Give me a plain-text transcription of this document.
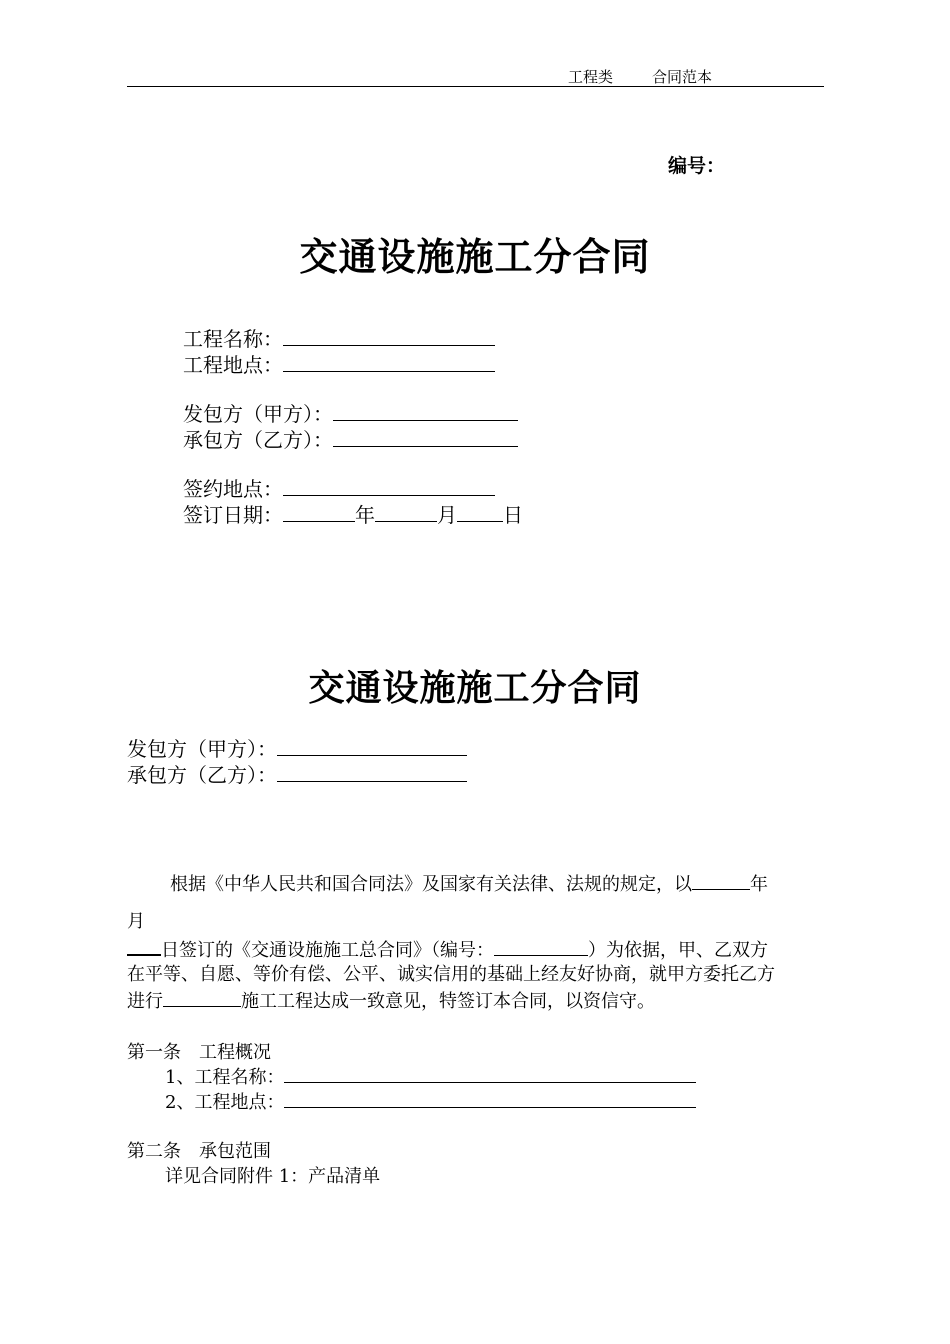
工程类	合同范本
编号：
交通设施施工分合同
工程名称：
工程地点：
发包方（甲方）：
承包方（乙方）：
签约地点：
签订日期：	年	月 日
交通设施施工分合同
发包方（甲方）：
承包方（乙方）：
根据《中华人民共和国合同法》及国家有关法律、法规的规定，以	年
月
日签订的《交通设施施工总合同》（编号：	）为依据，甲、乙双方
在平等、自愿、等价有偿、公平、诚实信用的基础上经友好协商，就甲方委托乙方
进行	施工工程达成一致意见，特签订本合同，以资信守。
第一条　工程概况
1、工程名称：
2、工程地点：
第二条　承包范围
详见合同附件 1：产品清单
